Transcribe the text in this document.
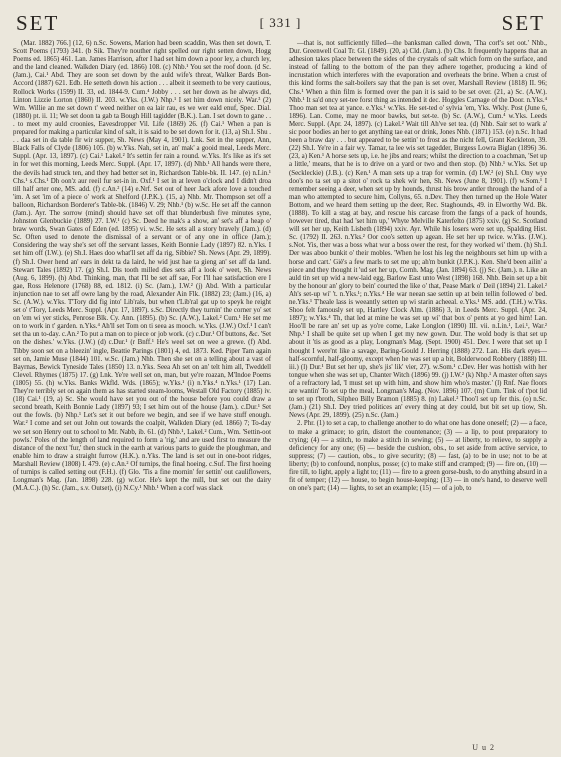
SET	[ 331 ]	SET

(Mar. 1882) 766.] (12, 6) n.Sc. Sowens, Marion had been scaddin, Was then set down, T. Scott Poems (1793) 341. (b Sik. They're nouther right spelled our right setten down, Hogg Poems ed. 1865) 461. Lan. James Harrison, after I had set him down a poor ley, a church ley, and the land cleaned. Walkden Diary (ed. 1866) 108. (c) Nhb.¹ You set the roof doon. (d Sc. (Jam.), Cai.¹ Abd. They are soon set down by the auld wife's threat, Walker Bards Bon-Accord (1887) 621. Edb. He setteth down his action . . . albeit it seemeth to be very cautious, Rollock Works (1599) II. 33, ed. 1844-9. Cum.⁴ Jobby . . . set her down as he always did, Linton Lizzie Lorton (1860) II. 203. w.Yks. (J.W.) Nhp.¹ I set him down nicely. War.³ (2) Wm. Willie an me set down t' weed neither on ea lair rau, es we wer eald enuf, Spec. Dial. (1880) pt. ii. 11; We set doon ta gab ta Bough Hill tagidder (B.K.). Lan. I set down to gane . . . to meet my auld croonies, Eavesdropper Vil. Life (1869) 26. (f) Cai.¹ When a pan is prepared for making a particular kind of salt, it is said to be set down for it. (13, a) Sh.I. Shu . . . daa set in da table fir wir supper, Sh. News (May 4, 1901). Lnk. Set in the supper, Ann, Black Falls of Clyde (1806) 105. (b) w.Yks. Nah, set in, an' mak' a gooid meal, Leeds Merc. Suppl. (Apr. 13, 1897). (c) Cai.¹ Lakel.² It's settin fer rain a round. w.Yks. It's like as it's set in for wet this morning, Leeds Merc. Suppl. (Apr. 17, 1897). (d) Nhb.¹ All hands were there, the devils had struck ten, and they had better set in, Richardson Table-bk. II. 147. (e) n.Lin.¹ Chs.¹ s.Chs.¹ Dh oon'z aur reeil fur set-in in. Oxf.¹ I set in at leven o'clock and I didn't droa till half arter one, MS. add. (f) c.An.² (14) e.Nrf. Set out of heer Jack afore love a touched 'im. A set 'im of a piece o' work at Shelford (J.P.K.). (15, a) Nhb. Mr. Thompson set off a balloon, Richardson Borderer's Table-bk. (1846) V. 29; Nhb.¹ (b) w.Sc. He set aff the cannon (Jam.). Ayr. The sorrow (mind) should have set off that blunderbush five minutes syne, Johnston Glenbuckie (1889) 27. I.W.¹ (c) Sc. Deed he mak's a show, an' set's aff a heap o' braw words, Swan Gates of Eden (ed. 1895) vi. w.Sc. He sets all a story bravely (Jam.). (d) Sc. Often used to denote the dismissal of a servant or of any one in office (Jam.); Considering the way she's set off the servant lasses, Keith Bonnie Lady (1897) 82. n.Yks. I set him off (I.W.). (e) Sh.I. Haes doo what'll set aff da rig, Sibbie? Sh. News (Apr. 29, 1899). (f) Sh.I. Ower hend an' ears in dekt ta da laird, he wid just hae ta gieng an' set aff da land. Stewart Tales (1892) 17. (g) Sh.I. Dis tooth milled dies sets aff a look o' weet, Sh. News (Aug. 6, 1899). (h) Abd. Thinking, man, that I'll be set aff sae, For I'll hae satisfaction ere I gae, Ross Helenore (1768) 88, ed. 1812. (i) Sc. (Jam.), I.W.² (j) Abd. With a particular injunction nae to set aff owre lang by the road, Alexander Ain Flk. (1882) 23; (Jam.) (16, a) Sc. (A.W.). w.Yks. T'Tory did fig into' Lib'rals, but when t'Lib'ral gat up to speyk he reight set o' t'Tory, Leeds Merc. Suppl. (Apr. 17, 1897). s.Sc. Directly they turnin' the corner yo' set on 'em wi yer sticks, Penrose Blk. Cy. Ann. (1895). (b) Sc. (A.W.), Lakel.² Cum.¹ He set me on to work in t' garden. n.Yks.⁴ Ah'll set Tom on ti seea as mooch. w.Yks. (J.W.) Oxf.¹ I can't set tha un to-day. c.An.² To put a man on to piece or job work. (c) c.Dur.¹ Of buttons, &c. 'Set on the dishes.' w.Yks. (J.W.) (d) c.Dur.¹ (r Bnff.¹ He's weel set on wee a grewe. (f) Abd. Tibby soon set on a bleezin' ingle, Beattie Parings (1801) 4, ed. 1873. Ked. Piper Tam again set on, Jamie Muse (1844) 101. w.Sc. (Jam.) Nhb. Then she set on a telling about a vast of Bayrnas, Bewick Tyneside Tales (1850) 13. n.Yks. Seea Ah set on an' telt him all, Tweddell Clevel. Rhymes (1875) 17. (g) Lnk. Ye're well set on, man, but ye're roazan, M'Indoe Poems (1805) 55. (h) w.Yks. Banks Wkfld. Wds. (1865); w.Yks.¹ (i) n.Yks.⁴ n.Yks.¹ (17) Lan. They're terribly set on again them as has started steam-looms, Westall Old Factory (1885) iv. (18) Cai.¹ (19, a) Sc. She would have set you out of the house before you could draw a second breath, Keith Bonnie Lady (1897) 93; I set him out of the house (Jam.). c.Dur.¹ Set out the fowls. (b) Nhp.¹ Let's set it out before we begin, and see if we have stuff enough. War.² I come and set out John out towards the coalpit, Walkden Diary (ed. 1866) 7; To-day we set son Henry out to school to Mr. Nabb, ib. 61. (d) Nhb.¹, Lakel.² Cum., Wm. 'Settin-oot powls.' Poles of the length of land required to form a 'rig,' and are used first to measure the distance of the next 'fur,' then stuck in the earth at various parts to guide the ploughman, and enable him to draw a straight furrow (H.K.). n.Yks. The land is set out in one-boot ridges, Marshall Review (1808) I. 479. (e) c.An.² Of turnips, the final hoeing. c.Suf. The first hoeing of turnips is called setting out (F.H.). (f) Glo. 'Tis a fine mornin' fer settin' out cauliflowers, Longman's Mag. (Jan. 1898) 228. (g) w.Cor. He's kept the mill, but set out the dairy (M.A.C.). (h) Sc. (Jam., s.v. Outset), (i) N.Cy.¹ Nhb.¹ When a corf was slack

—that is, not sufficiently filled—the banksman called down, 'Tha corf's set oot.' Nhb., Dur. Greenwell Coal Tr. Gl. (1849). (20, a) Cld. (Jam.). (b) Chs. It frequently happens that an adhesion takes place between the sides of the crystals of salt which form on the surface, and instead of falling to the bottom of the pan they adhere together, producing a kind of incrustation which interferes with the evaporation and overheats the brine. When a crust of this kind forms the salt-boilers say that the pan is set over, Marshall Review (1818) II. 96; Chs.¹ When a thin film is formed over the pan it is said to be set over. (21, a) Sc. (A.W.). Nhb.¹ It sa'd oncy set-tee forst thing as intended it dec. Hoggles Carnage of the Door. n.Yks.⁴ Thoo man set tea at yance. e.Yks.¹ w.Yks. He set-ted o' sylvia 'em, Yks. Wkly. Post (June 6, 1896). Lan. Come, may ne moor bawks, but set-te. (b) Sc. (A.W.), Cum.⁴ w.Yks. Leeds Merc. Suppl. (Apr. 24, 1897). (c) Lakel.² Wait till Ah've set tea. (d) Nhb. Sair set to wark a' sic poor bodies an her to get anything tae eat or drink, Jones Nhb. (1871) 153. (e) n.Sc. It had been a braw day . . . but appeared to be settin' to frost as the nicht fell, Grant Keckleton, 39. (22) Sh.I. Ye're in a fair wy. Tamar, ta lee wis set tagedder, Burgess Lowra Biglan (1896) 36. (23, a) Ken.¹ A horse sets up, i.e. he jibs and rears; whilst the direction to a coachman, 'Set up a little,' means, that he is to drive on a yard or two and then stop. (b) Nhb.¹ w.Yks. Set up (Seckleckie) (J.B.). (c) Ken.¹ A man sets up a trap for vermin. (d) I.W.² (e) Sh.I. Ony wye doo's no ta set up a sitot o' rock ta shek wir hen, Sh. News (June 8, 1901). (f) w.Som.¹ I remember seeing a deer, when set up by hounds, thrust his brow antler through the hand of a man who attempted to secure him, Collyns, 65. n.Dev. They then turned up the Hole Water Bottom, and we heard them setting up the deer, Rec. Staghounds, 49. in Elworthy Wd. Bk. (1888). To kill a stag at bay, and rescue his carcase from the fangs of a pack of hounds, however tired, that had 'set him up,' Whyte Melville Katerfelto (1875) xxiv. (g) Sc. Scotland will set her up, Keith Lisbeth (1894) xxiv. Ayr. While his losers were set up, Spalding Hist. Sc. (1792) II. 263. n.Yks.² Oor coo's setten up agean. He set her up twice. w.Yks. (J.W.). s.Not. Yis, ther was a boss what wur a boss ower the rest, for they worked wi' them. (h) Sh.I. Der was aboo bunkit o' their mobles. 'When he lost his leg the neighbours set him up with a horse and cart.' Giè's a few marls to set me up; ah'm bunkit (J.P.K.). Ken. She'd been ailin' a piece and they thought it 'ud set her up, Cornh. Mag. (Jan. 1894) 63. (j) Sc. (Jam.). n. Like an auld tin set up wid a new-laid egg, Barlow East unto West (1898) 168. Nhb. Bein set up a bit by the honour an' glory to bein' courted the like o' that, Pease Mark o' Deil (1894) 21. Lakel.² Ah's set-up wi' 't. n.Yks.¹; n.Yks.⁴ He war neean sae settin up at bein tellin followed o' bed. ne.Yks.¹ T'heale lass is weeantly setten up wi starin acheeal. e.Yks.¹ MS. add. (T.H.) w.Yks. Shoo felt famously set up, Hartley Clock Alm. (1886) 3, in Leeds Merc. Suppl. (Apr. 24, 1897); w.Yks.⁴ Th, that led at mine he was set up wi' that box o' pents at yo ged him! Lan. Hoo'll be rare an' set up as yo're come, Lake Longlon (1890) III. vii. n.Lin.¹, Lei.¹, War.² Nhp.¹ I shall be quite set up when I get my new gown. Dur. The wold body is that set up about it 'tis as good as a play, Longman's Mag. (Sept. 1900) 451. Dev. I were that set up I thought I were'nt like a savage, Baring-Gould J. Herring (1888) 272. Lan. His dark eyes—half-scornful, half-gloomy, except when he was set up a bit, Bolderwood Robbery (1888) III. iii.) (l) Dur.¹ But set her up, she's jis' lik' vier, 27). w.Som.¹ c.Dev. Her was hottish with her tongue when she was set up, Chanter Witch (1896) 99. (j) I.W.² (k) Nhp.¹ A master often says of a refractory lad, 'I must set up with him, and show him who's master.' (l) Rnf. Nae floors are wantin' To set up the meal, Longman's Mag. (Nov. 1896) 107. (m) Cum. Tink of t'pot lid to set up t'broth, Silpheo Billy Bramon (1885) 8. (n) Lakel.² Thoo'l set up fer this. (o) n.Sc. (Jam.) (21) Sh.I. Dey tried politices an' every thing at dey could, but bit set up tiow, Sh. News (Apr. 29, 1899). (25) n.Sc. (Jam.)

2. Phr. (1) to set a cap, to challenge another to do what one has done oneself; (2) — a face, to make a grimace; to grin, distort the countenance; (3) — a lip, to pout preparatory to crying; (4) — a stitch, to make a stitch in sewing; (5) — at liberty, to relieve, to supply a deficiency for any one; (6) — beside the cushion, obs., to set aside from active service, to suppress; (7) — caution, obs., to give security; (8) — fast, (a) to be in use; not to be at liberty; (b) to confound, nonplus, posse; (c) to make stiff and cramped; (9) — fire on, (10) — fire till, to light, apply a light to; (11) — fire to a green gorse-bush, to do anything absurd in a fit of temper; (12) — house, to begin house-keeping; (13) — in one's hand, to deserve well on one's part; (14) — lights, to set an example; (15) — of a job, to

U u 2
